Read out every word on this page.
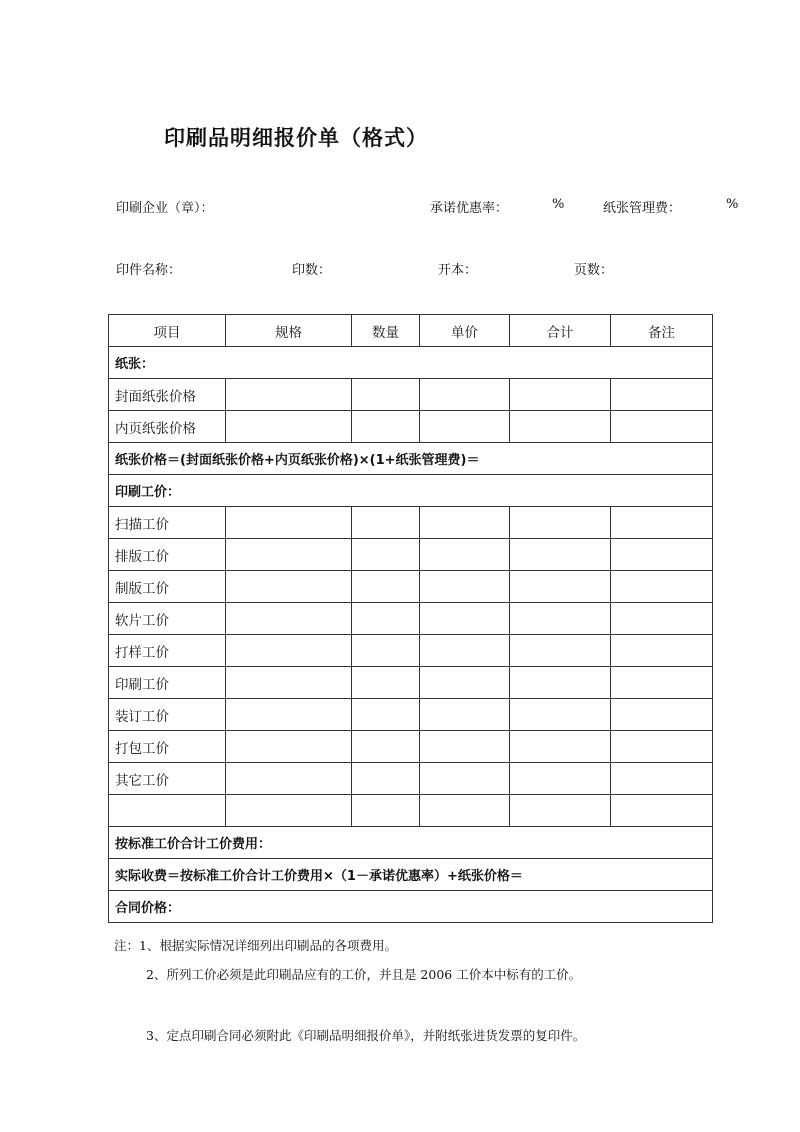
印刷品明细报价单（格式）
印刷企业（章）：	承诺优惠率：	%	纸张管理费：	%
印件名称：	印数：	开本：	页数：
项目	规格	数量	单价	合计	备注
纸张：					
封面纸张价格					
内页纸张价格					
纸张价格＝(封面纸张价格+内页纸张价格)×(1+纸张管理费)＝					
印刷工价：					
扫描工价					
排版工价					
制版工价					
软片工价					
打样工价					
印刷工价					
装订工价					
打包工价					
其它工价					

按标准工价合计工价费用：					
实际收费＝按标准工价合计工价费用×（1－承诺优惠率）+纸张价格＝					
合同价格：					
注：1、根据实际情况详细列出印刷品的各项费用。
2、所列工价必须是此印刷品应有的工价，并且是 2006 工价本中标有的工价。
3、定点印刷合同必须附此《印刷品明细报价单》，并附纸张进货发票的复印件。
